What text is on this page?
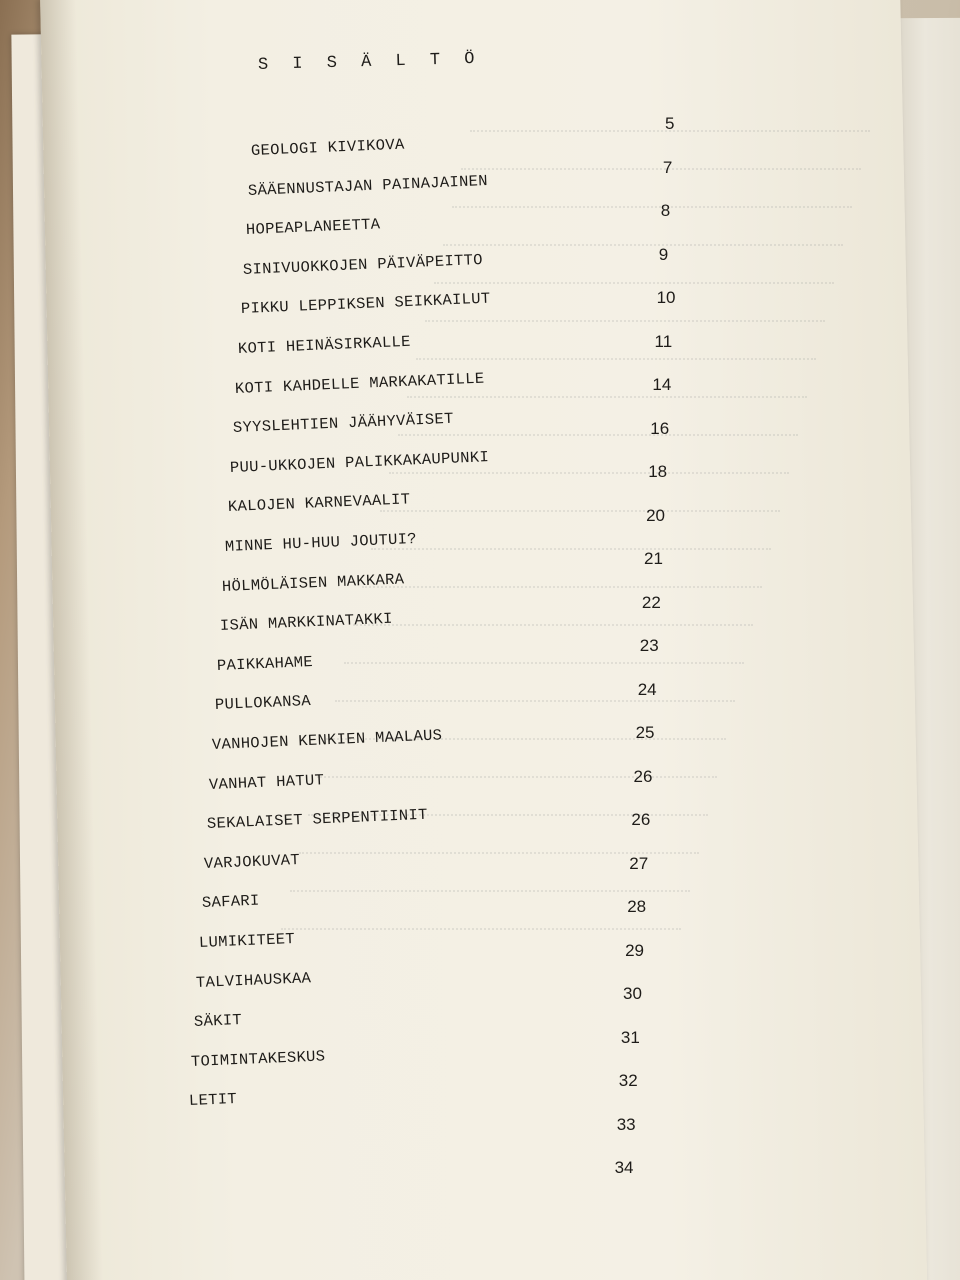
S I S Ä L T Ö
GEOLOGI KIVIKOVA
SÄÄENNUSTAJAN PAINAJAINEN
HOPEAPLANEETTA
SINIVUOKKOJEN PÄIVÄPEITTO
PIKKU LEPPIKSEN SEIKKAILUT
KOTI HEINÄSIRKALLE
KOTI KAHDELLE MARKAKATILLE
SYYSLEHTIEN JÄÄHYVÄISET
PUU-UKKOJEN PALIKKAKAUPUNKI
KALOJEN KARNEVAALIT
MINNE HU-HUU JOUTUI?
HÖLMÖLÄISEN MAKKARA
ISÄN MARKKINATAKKI
PAIKKAHAME
PULLOKANSA
VANHOJEN KENKIEN MAALAUS
VANHAT HATUT
SEKALAISET SERPENTIINIT
VARJOKUVAT
SAFARI
LUMIKITEET
TALVIHAUSKAA
SÄKIT
TOIMINTAKESKUS
LETIT
5
7
8
9
10
11
14
16
18
20
21
22
23
24
25
26
26
27
28
29
30
31
32
33
34
